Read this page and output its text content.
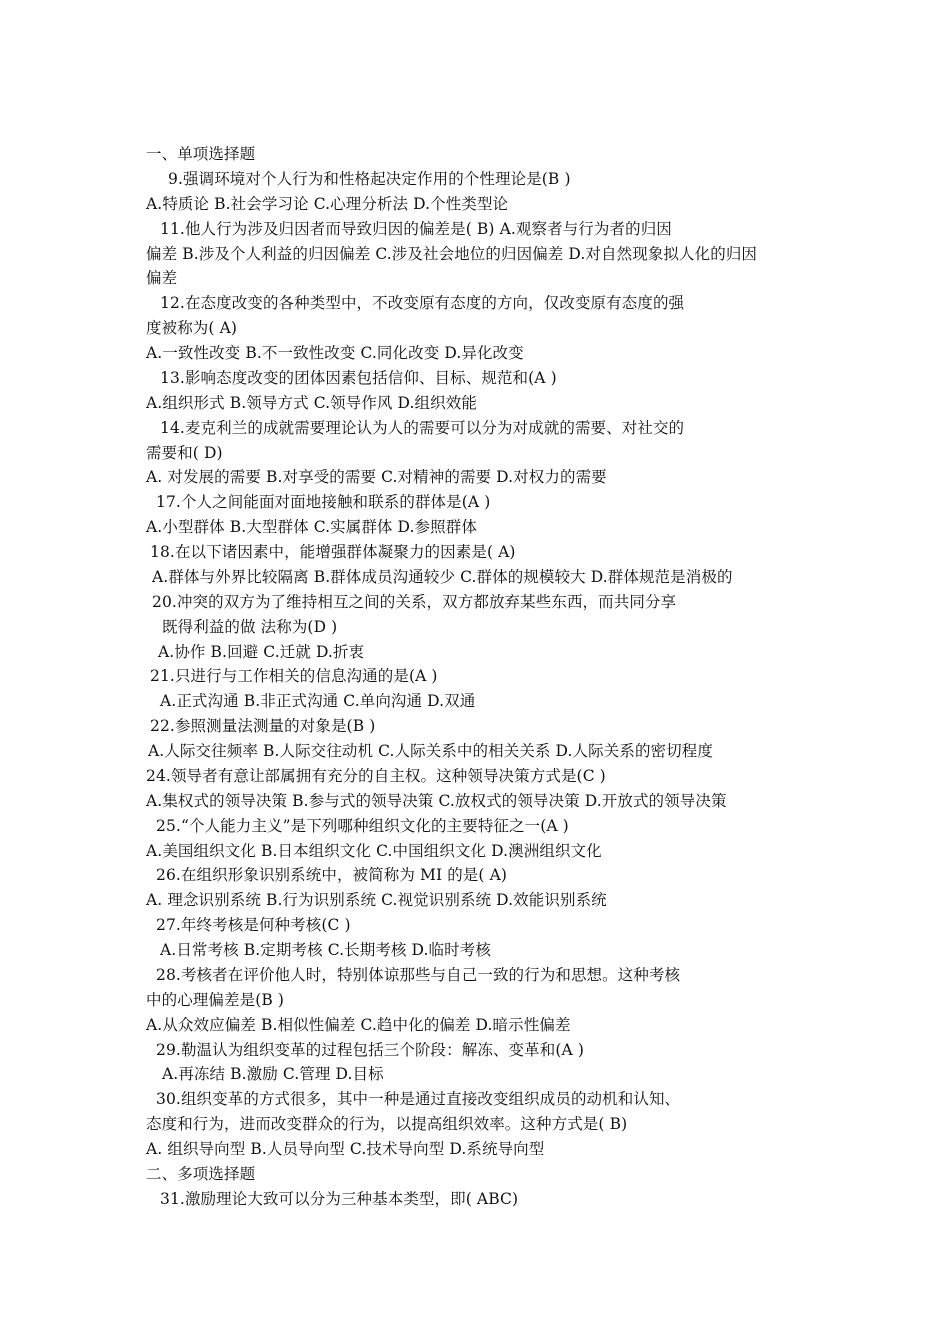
一、单项选择题
9.强调环境对个人行为和性格起决定作用的个性理论是(B )
A.特质论 B.社会学习论 C.心理分析法 D.个性类型论
11.他人行为涉及归因者而导致归因的偏差是( B) A.观察者与行为者的归因
偏差 B.涉及个人利益的归因偏差 C.涉及社会地位的归因偏差 D.对自然现象拟人化的归因
偏差
12.在态度改变的各种类型中，不改变原有态度的方向，仅改变原有态度的强
度被称为( A)
A.一致性改变 B.不一致性改变 C.同化改变 D.异化改变
13.影响态度改变的团体因素包括信仰、目标、规范和(A )
A.组织形式 B.领导方式 C.领导作风 D.组织效能
14.麦克利兰的成就需要理论认为人的需要可以分为对成就的需要、对社交的
需要和( D)
A. 对发展的需要 B.对享受的需要 C.对精神的需要 D.对权力的需要
17.个人之间能面对面地接触和联系的群体是(A )
A.小型群体 B.大型群体 C.实属群体 D.参照群体
18.在以下诸因素中，能增强群体凝聚力的因素是( A)
A.群体与外界比较隔离 B.群体成员沟通较少 C.群体的规模较大 D.群体规范是消极的
20.冲突的双方为了维持相互之间的关系，双方都放弃某些东西，而共同分享
既得利益的做 法称为(D )
A.协作 B.回避 C.迁就 D.折衷
21.只进行与工作相关的信息沟通的是(A )
A.正式沟通 B.非正式沟通 C.单向沟通 D.双通
22.参照测量法测量的对象是(B )
A.人际交往频率 B.人际交往动机 C.人际关系中的相关关系 D.人际关系的密切程度
24.领导者有意让部属拥有充分的自主权。这种领导决策方式是(C )
A.集权式的领导决策 B.参与式的领导决策 C.放权式的领导决策 D.开放式的领导决策
25.“个人能力主义”是下列哪种组织文化的主要特征之一(A )
A.美国组织文化 B.日本组织文化 C.中国组织文化 D.澳洲组织文化
26.在组织形象识别系统中，被简称为 MI 的是( A)
A. 理念识别系统 B.行为识别系统 C.视觉识别系统 D.效能识别系统
27.年终考核是何种考核(C )
A.日常考核 B.定期考核 C.长期考核 D.临时考核
28.考核者在评价他人时，特别体谅那些与自己一致的行为和思想。这种考核
中的心理偏差是(B )
A.从众效应偏差 B.相似性偏差 C.趋中化的偏差 D.暗示性偏差
29.勒温认为组织变革的过程包括三个阶段：解冻、变革和(A )
A.再冻结 B.激励 C.管理 D.目标
30.组织变革的方式很多，其中一种是通过直接改变组织成员的动机和认知、
态度和行为，进而改变群众的行为，以提高组织效率。这种方式是( B)
A. 组织导向型 B.人员导向型 C.技术导向型 D.系统导向型
二、多项选择题
31.激励理论大致可以分为三种基本类型，即( ABC)
